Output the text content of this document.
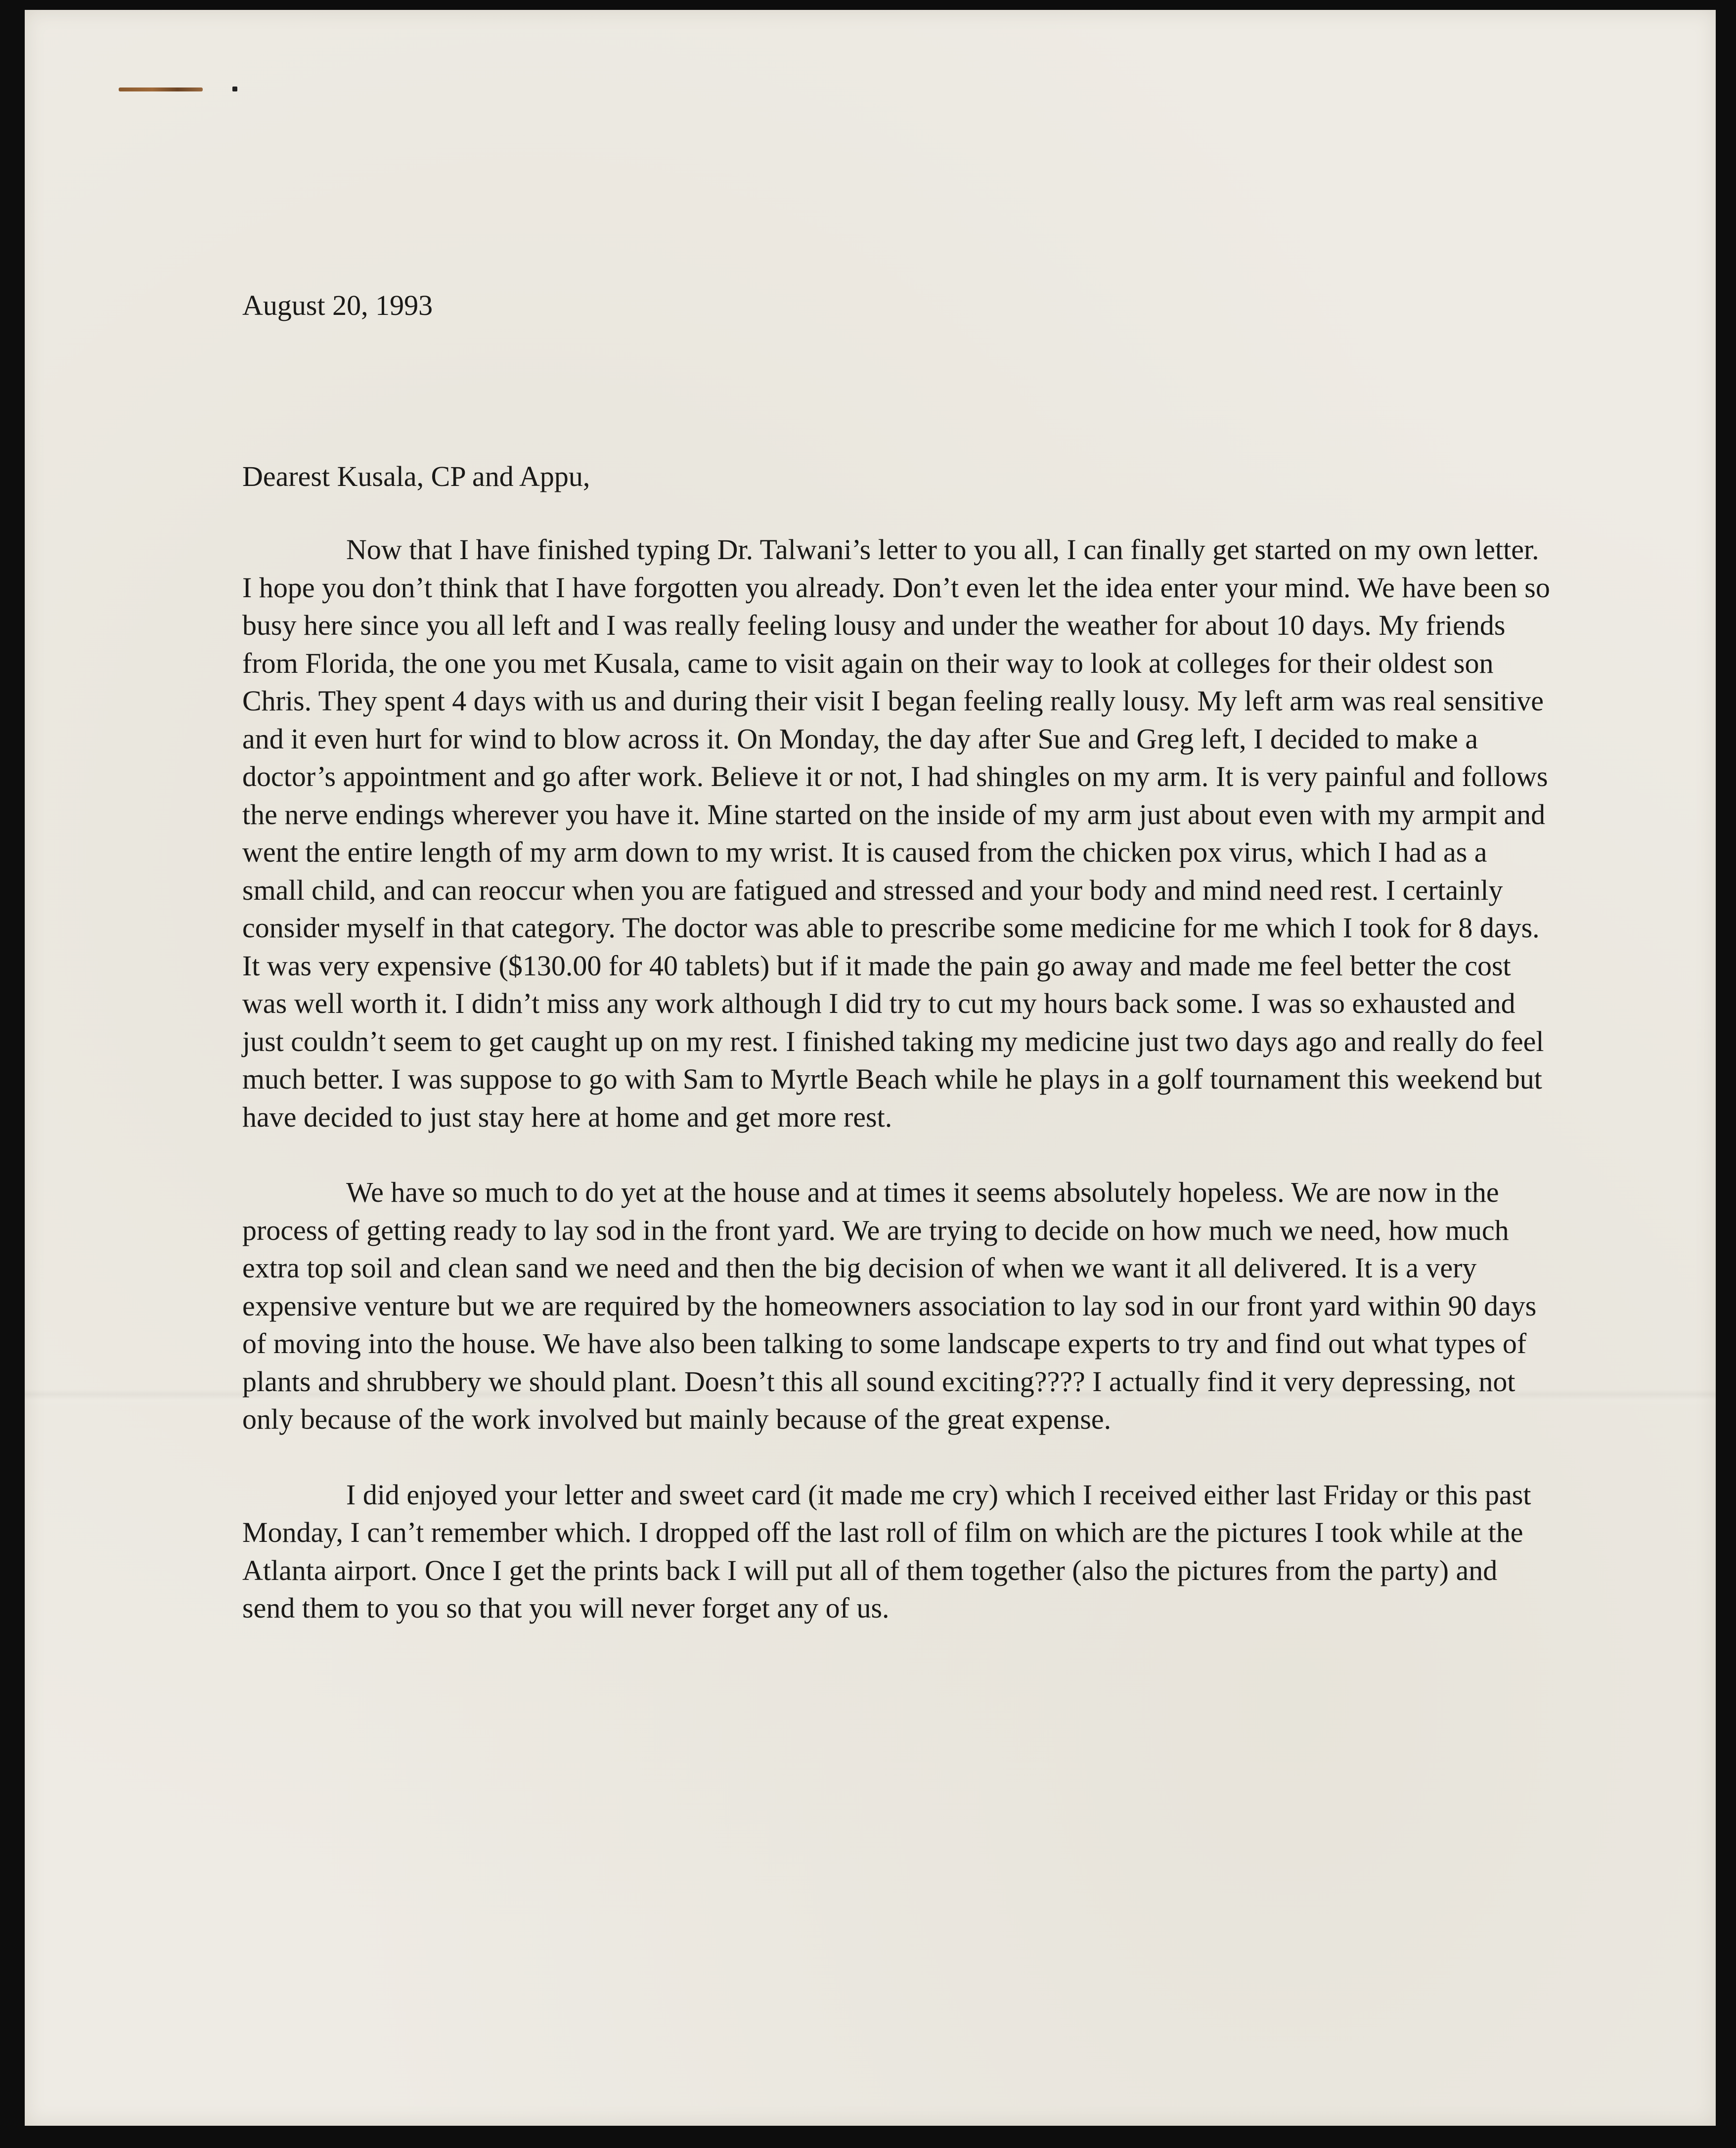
August 20, 1993

Dearest Kusala, CP and Appu,

Now that I have finished typing Dr. Talwani’s letter to you all, I can finally get started on my own letter. I hope you don’t think that I have forgotten you already. Don’t even let the idea enter your mind. We have been so busy here since you all left and I was really feeling lousy and under the weather for about 10 days. My friends from Florida, the one you met Kusala, came to visit again on their way to look at colleges for their oldest son Chris. They spent 4 days with us and during their visit I began feeling really lousy. My left arm was real sensitive and it even hurt for wind to blow across it. On Monday, the day after Sue and Greg left, I decided to make a doctor’s appointment and go after work. Believe it or not, I had shingles on my arm. It is very painful and follows the nerve endings wherever you have it. Mine started on the inside of my arm just about even with my armpit and went the entire length of my arm down to my wrist. It is caused from the chicken pox virus, which I had as a small child, and can reoccur when you are fatigued and stressed and your body and mind need rest. I certainly consider myself in that category. The doctor was able to prescribe some medicine for me which I took for 8 days. It was very expensive ($130.00 for 40 tablets) but if it made the pain go away and made me feel better the cost was well worth it. I didn’t miss any work although I did try to cut my hours back some. I was so exhausted and just couldn’t seem to get caught up on my rest. I finished taking my medicine just two days ago and really do feel much better. I was suppose to go with Sam to Myrtle Beach while he plays in a golf tournament this weekend but have decided to just stay here at home and get more rest.

We have so much to do yet at the house and at times it seems absolutely hopeless. We are now in the process of getting ready to lay sod in the front yard. We are trying to decide on how much we need, how much extra top soil and clean sand we need and then the big decision of when we want it all delivered. It is a very expensive venture but we are required by the homeowners association to lay sod in our front yard within 90 days of moving into the house. We have also been talking to some landscape experts to try and find out what types of plants and shrubbery we should plant. Doesn’t this all sound exciting???? I actually find it very depressing, not only because of the work involved but mainly because of the great expense.

I did enjoyed your letter and sweet card (it made me cry) which I received either last Friday or this past Monday, I can’t remember which. I dropped off the last roll of film on which are the pictures I took while at the Atlanta airport. Once I get the prints back I will put all of them together (also the pictures from the party) and send them to you so that you will never forget any of us.
